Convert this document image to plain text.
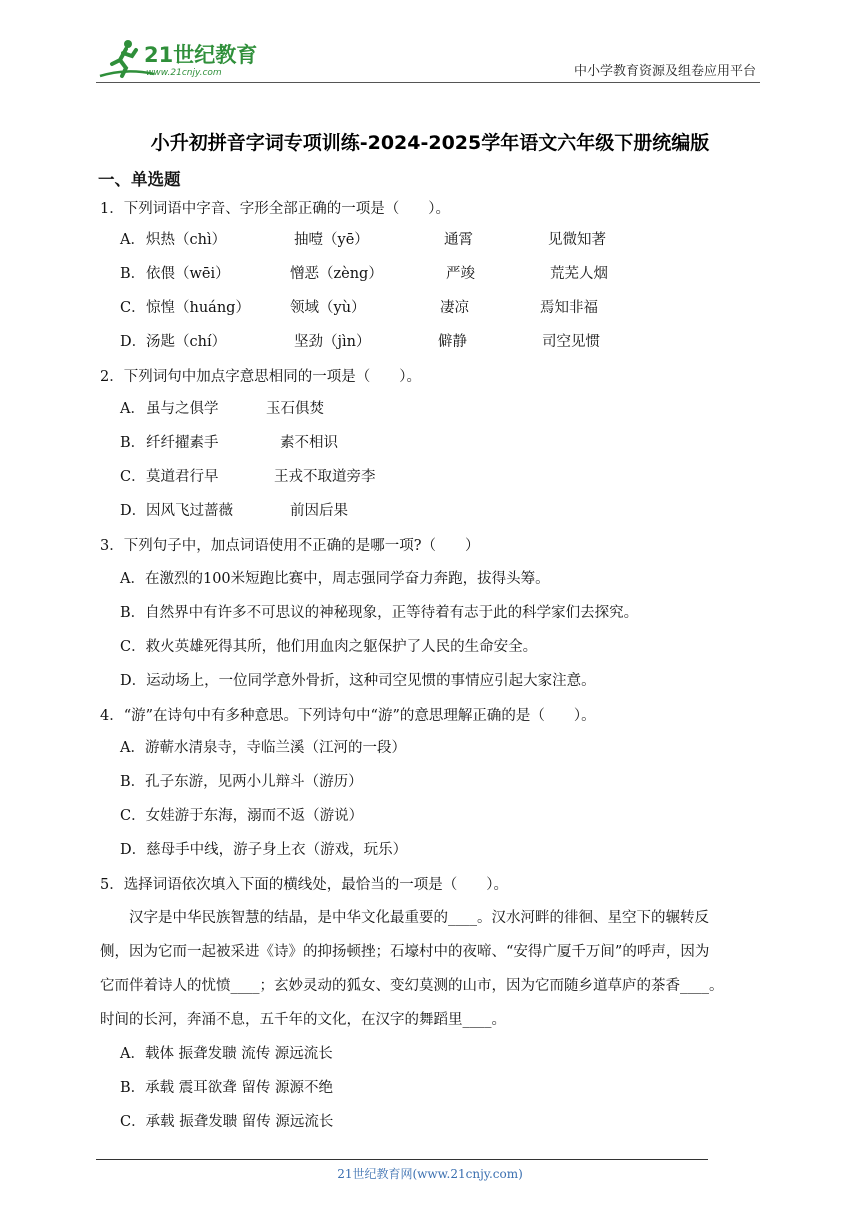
21世纪教育
www.21cnjy.com	中小学教育资源及组卷应用平台
小升初拼音字词专项训练-2024-2025学年语文六年级下册统编版
一、单选题
1．下列词语中字音、字形全部正确的一项是（　　）。
A． 炽热（chì）	抽噎（yē）	通霄	见微知著
B． 依偎（wēi）	憎恶（zèng）	严竣	荒芜人烟
C． 惊惶（huáng）	领域（yù）	凄凉	焉知非福
D． 汤匙（chí）	坚劲（jìn）	僻静	司空见惯
2．下列词句中加点字意思相同的一项是（　　）。
A． 虽与之俱学	玉石俱焚
B． 纤纤擢素手	素不相识
C． 莫道君行早	王戎不取道旁李
D． 因风飞过蔷薇	前因后果
3．下列句子中，加点词语使用不正确的是哪一项?（　　）
A．在激烈的100米短跑比赛中，周志强同学奋力奔跑，拔得头筹。
B．自然界中有许多不可思议的神秘现象，正等待着有志于此的科学家们去探究。
C．救火英雄死得其所，他们用血肉之躯保护了人民的生命安全。
D．运动场上，一位同学意外骨折，这种司空见惯的事情应引起大家注意。
4．“游”在诗句中有多种意思。下列诗句中“游”的意思理解正确的是（　　）。
A．游蕲水清泉寺，寺临兰溪（江河的一段）
B．孔子东游，见两小儿辩斗（游历）
C．女娃游于东海，溺而不返（游说）
D．慈母手中线，游子身上衣（游戏，玩乐）
5．选择词语依次填入下面的横线处，最恰当的一项是（　　）。
　　汉字是中华民族智慧的结晶，是中华文化最重要的____。汉水河畔的徘徊、星空下的辗转反
侧，因为它而一起被采进《诗》的抑扬顿挫；石壕村中的夜啼、“安得广厦千万间”的呼声，因为
它而伴着诗人的忧愤____；玄妙灵动的狐女、变幻莫测的山市，因为它而随乡道草庐的茶香____。
时间的长河，奔涌不息，五千年的文化，在汉字的舞蹈里____。
A．载体 振聋发聩 流传 源远流长
B．承载 震耳欲聋 留传 源源不绝
C．承载 振聋发聩 留传 源远流长
21世纪教育网(www.21cnjy.com)
